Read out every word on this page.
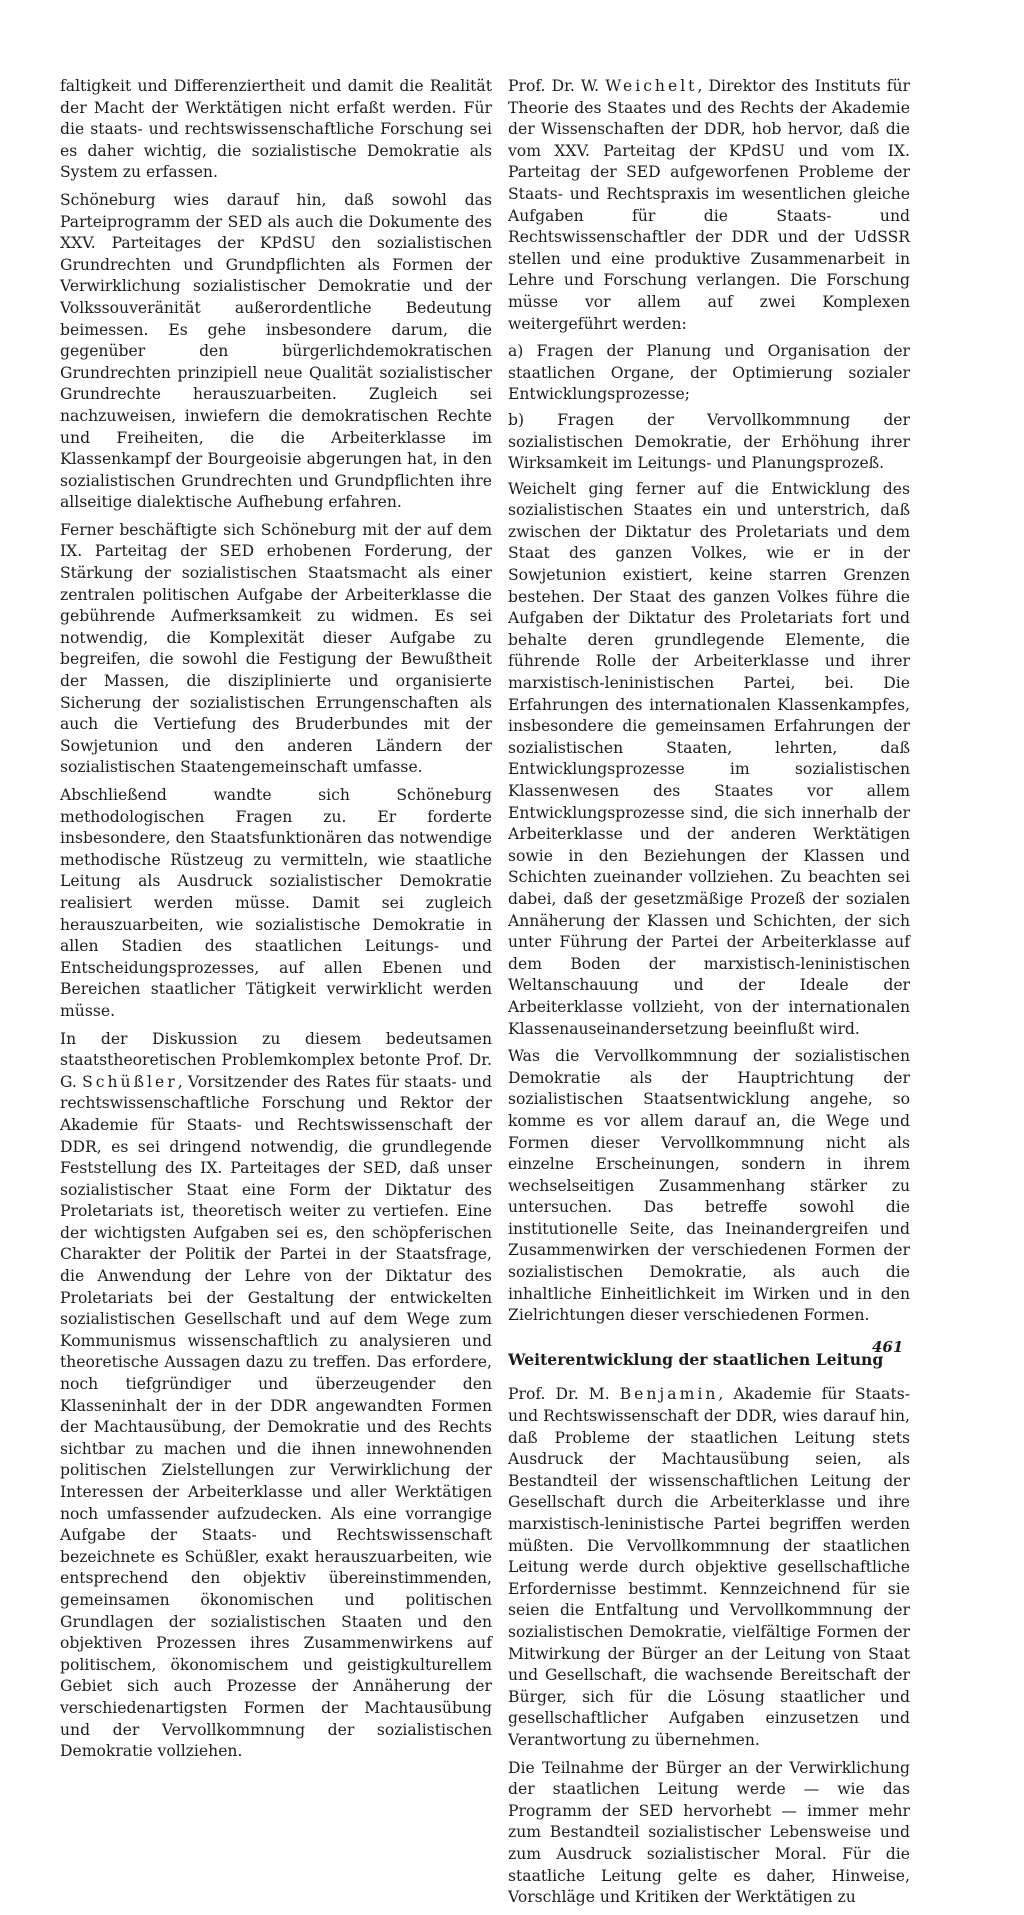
faltigkeit und Differenziertheit und damit die Realität der Macht der Werktätigen nicht erfaßt werden. Für die staats- und rechtswissenschaftliche Forschung sei es daher wichtig, die sozialistische Demokratie als System zu erfassen.

Schöneburg wies darauf hin, daß sowohl das Parteiprogramm der SED als auch die Dokumente des XXV. Parteitages der KPdSU den sozialistischen Grundrechten und Grundpflichten als Formen der Verwirklichung sozialistischer Demokratie und der Volkssouveränität außerordentliche Bedeutung beimessen. Es gehe insbesondere darum, die gegenüber den bürgerlichdemokratischen Grundrechten prinzipiell neue Qualität sozialistischer Grundrechte herauszuarbeiten. Zugleich sei nachzuweisen, inwiefern die demokratischen Rechte und Freiheiten, die die Arbeiterklasse im Klassenkampf der Bourgeoisie abgerungen hat, in den sozialistischen Grundrechten und Grundpflichten ihre allseitige dialektische Aufhebung erfahren.

Ferner beschäftigte sich Schöneburg mit der auf dem IX. Parteitag der SED erhobenen Forderung, der Stärkung der sozialistischen Staatsmacht als einer zentralen politischen Aufgabe der Arbeiterklasse die gebührende Aufmerksamkeit zu widmen. Es sei notwendig, die Komplexität dieser Aufgabe zu begreifen, die sowohl die Festigung der Bewußtheit der Massen, die disziplinierte und organisierte Sicherung der sozialistischen Errungenschaften als auch die Vertiefung des Bruderbundes mit der Sowjetunion und den anderen Ländern der sozialistischen Staatengemeinschaft umfasse.

Abschließend wandte sich Schöneburg methodologischen Fragen zu. Er forderte insbesondere, den Staatsfunktionären das notwendige methodische Rüstzeug zu vermitteln, wie staatliche Leitung als Ausdruck sozialistischer Demokratie realisiert werden müsse. Damit sei zugleich herauszuarbeiten, wie sozialistische Demokratie in allen Stadien des staatlichen Leitungs- und Entscheidungsprozesses, auf allen Ebenen und Bereichen staatlicher Tätigkeit verwirklicht werden müsse.

In der Diskussion zu diesem bedeutsamen staatstheoretischen Problemkomplex betonte Prof. Dr. G. Schüßler, Vorsitzender des Rates für staats- und rechtswissenschaftliche Forschung und Rektor der Akademie für Staats- und Rechtswissenschaft der DDR, es sei dringend notwendig, die grundlegende Feststellung des IX. Parteitages der SED, daß unser sozialistischer Staat eine Form der Diktatur des Proletariats ist, theoretisch weiter zu vertiefen. Eine der wichtigsten Aufgaben sei es, den schöpferischen Charakter der Politik der Partei in der Staatsfrage, die Anwendung der Lehre von der Diktatur des Proletariats bei der Gestaltung der entwickelten sozialistischen Gesellschaft und auf dem Wege zum Kommunismus wissenschaftlich zu analysieren und theoretische Aussagen dazu zu treffen. Das erfordere, noch tiefgründiger und überzeugender den Klasseninhalt der in der DDR angewandten Formen der Machtausübung, der Demokratie und des Rechts sichtbar zu machen und die ihnen innewohnenden politischen Zielstellungen zur Verwirklichung der Interessen der Arbeiterklasse und aller Werktätigen noch umfassender aufzudecken. Als eine vorrangige Aufgabe der Staats- und Rechtswissenschaft bezeichnete es Schüßler, exakt herauszuarbeiten, wie entsprechend den objektiv übereinstimmenden, gemeinsamen ökonomischen und politischen Grundlagen der sozialistischen Staaten und den objektiven Prozessen ihres Zusammenwirkens auf politischem, ökonomischem und geistigkulturellem Gebiet sich auch Prozesse der Annäherung der verschiedenartigsten Formen der Machtausübung und der Vervollkommnung der sozialistischen Demokratie vollziehen.

Prof. Dr. W. Weichelt, Direktor des Instituts für Theorie des Staates und des Rechts der Akademie der Wissenschaften der DDR, hob hervor, daß die vom XXV. Parteitag der KPdSU und vom IX. Parteitag der SED aufgeworfenen Probleme der Staats- und Rechtspraxis im wesentlichen gleiche Aufgaben für die Staats- und Rechtswissenschaftler der DDR und der UdSSR stellen und eine produktive Zusammenarbeit in Lehre und Forschung verlangen. Die Forschung müsse vor allem auf zwei Komplexen weitergeführt werden:

a) Fragen der Planung und Organisation der staatlichen Organe, der Optimierung sozialer Entwicklungsprozesse;

b) Fragen der Vervollkommnung der sozialistischen Demokratie, der Erhöhung ihrer Wirksamkeit im Leitungs- und Planungsprozeß.

Weichelt ging ferner auf die Entwicklung des sozialistischen Staates ein und unterstrich, daß zwischen der Diktatur des Proletariats und dem Staat des ganzen Volkes, wie er in der Sowjetunion existiert, keine starren Grenzen bestehen. Der Staat des ganzen Volkes führe die Aufgaben der Diktatur des Proletariats fort und behalte deren grundlegende Elemente, die führende Rolle der Arbeiterklasse und ihrer marxistisch-leninistischen Partei, bei. Die Erfahrungen des internationalen Klassenkampfes, insbesondere die gemeinsamen Erfahrungen der sozialistischen Staaten, lehrten, daß Entwicklungsprozesse im sozialistischen Klassenwesen des Staates vor allem Entwicklungsprozesse sind, die sich innerhalb der Arbeiterklasse und der anderen Werktätigen sowie in den Beziehungen der Klassen und Schichten zueinander vollziehen. Zu beachten sei dabei, daß der gesetzmäßige Prozeß der sozialen Annäherung der Klassen und Schichten, der sich unter Führung der Partei der Arbeiterklasse auf dem Boden der marxistisch-leninistischen Weltanschauung und der Ideale der Arbeiterklasse vollzieht, von der internationalen Klassenauseinandersetzung beeinflußt wird.

Was die Vervollkommnung der sozialistischen Demokratie als der Hauptrichtung der sozialistischen Staatsentwicklung angehe, so komme es vor allem darauf an, die Wege und Formen dieser Vervollkommnung nicht als einzelne Erscheinungen, sondern in ihrem wechselseitigen Zusammenhang stärker zu untersuchen. Das betreffe sowohl die institutionelle Seite, das Ineinandergreifen und Zusammenwirken der verschiedenen Formen der sozialistischen Demokratie, als auch die inhaltliche Einheitlichkeit im Wirken und in den Zielrichtungen dieser verschiedenen Formen.

Weiterentwicklung der staatlichen Leitung

Prof. Dr. M. Benjamin, Akademie für Staats- und Rechtswissenschaft der DDR, wies darauf hin, daß Probleme der staatlichen Leitung stets Ausdruck der Machtausübung seien, als Bestandteil der wissenschaftlichen Leitung der Gesellschaft durch die Arbeiterklasse und ihre marxistisch-leninistische Partei begriffen werden müßten. Die Vervollkommnung der staatlichen Leitung werde durch objektive gesellschaftliche Erfordernisse bestimmt. Kennzeichnend für sie seien die Entfaltung und Vervollkommnung der sozialistischen Demokratie, vielfältige Formen der Mitwirkung der Bürger an der Leitung von Staat und Gesellschaft, die wachsende Bereitschaft der Bürger, sich für die Lösung staatlicher und gesellschaftlicher Aufgaben einzusetzen und Verantwortung zu übernehmen.

Die Teilnahme der Bürger an der Verwirklichung der staatlichen Leitung werde — wie das Programm der SED hervorhebt — immer mehr zum Bestandteil sozialistischer Lebensweise und zum Ausdruck sozialistischer Moral. Für die staatliche Leitung gelte es daher, Hinweise, Vorschläge und Kritiken der Werktätigen zu

461
